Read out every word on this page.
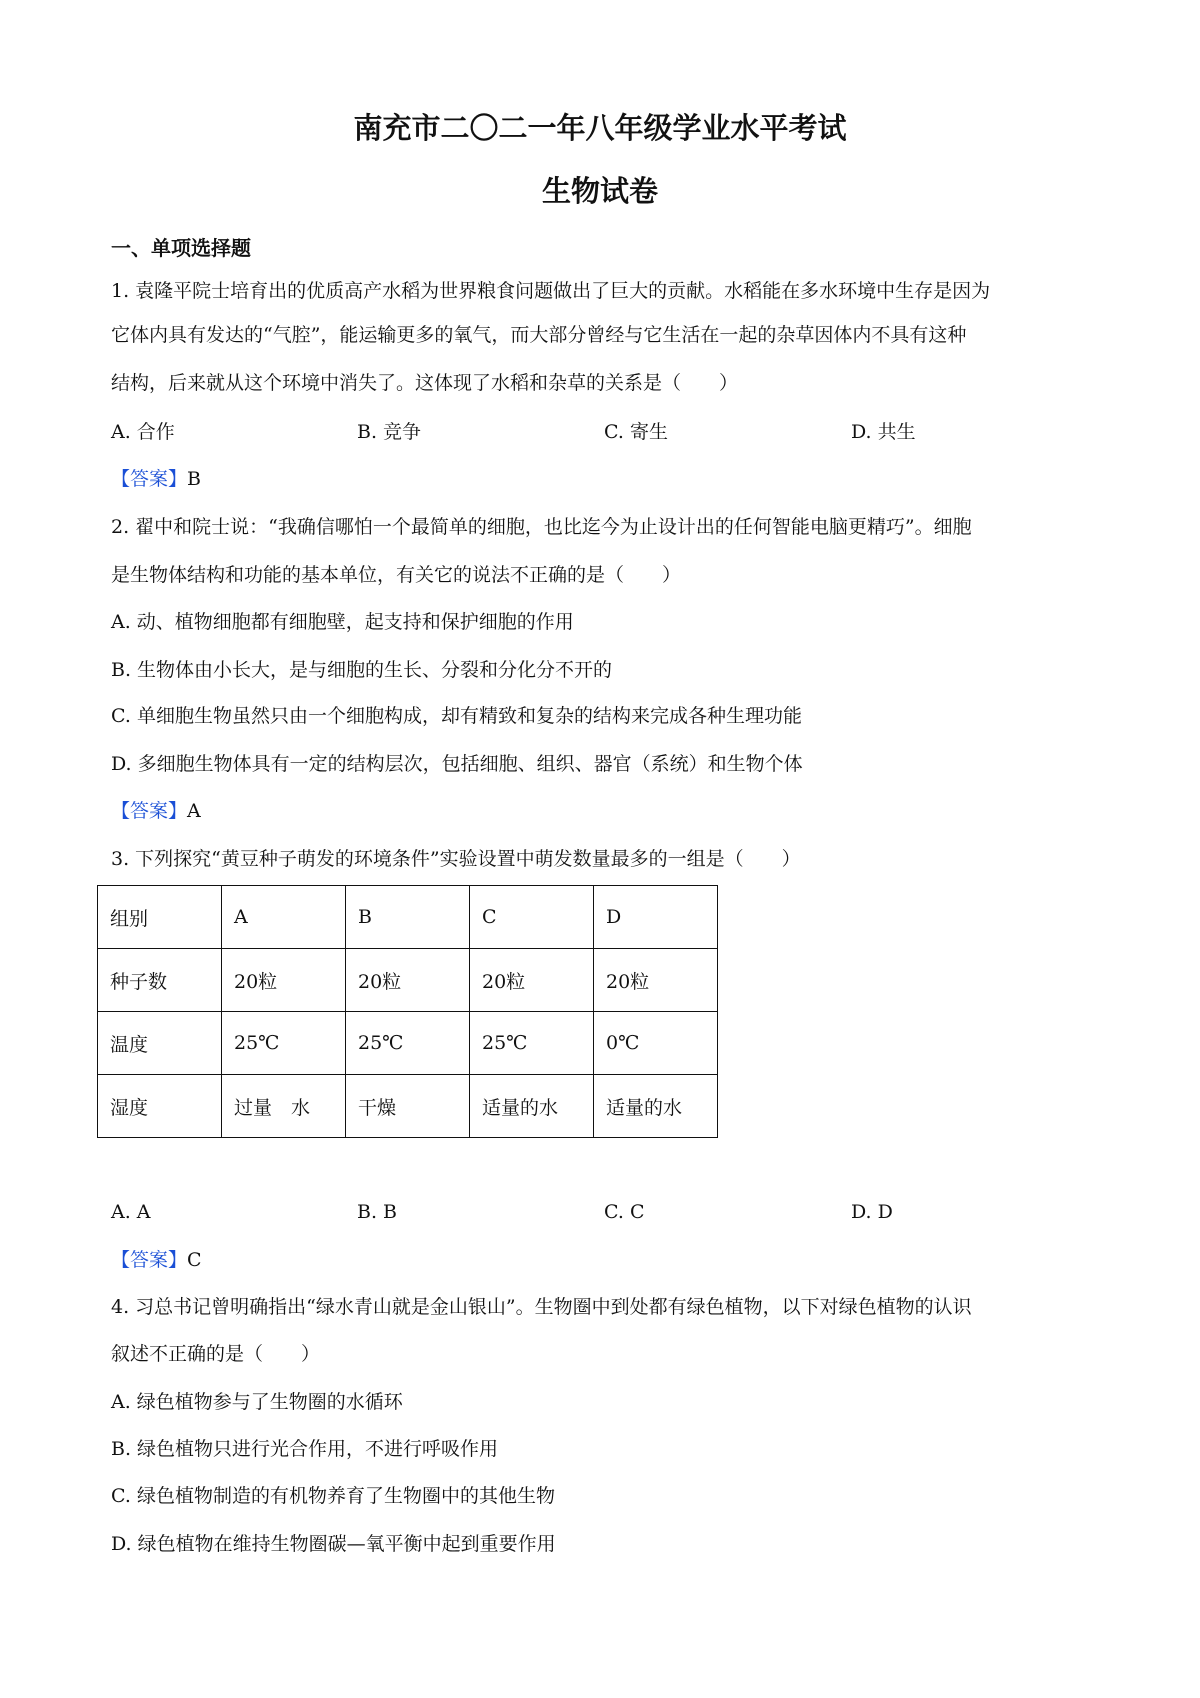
南充市二〇二一年八年级学业水平考试
生物试卷
一、单项选择题
1. 袁隆平院士培育出的优质高产水稻为世界粮食问题做出了巨大的贡献。水稻能在多水环境中生存是因为
它体内具有发达的“气腔”，能运输更多的氧气，而大部分曾经与它生活在一起的杂草因体内不具有这种
结构，后来就从这个环境中消失了。这体现了水稻和杂草的关系是（　　）
A. 合作	B. 竞争	C. 寄生	D. 共生
【答案】B
2. 翟中和院士说：“我确信哪怕一个最简单的细胞，也比迄今为止设计出的任何智能电脑更精巧”。细胞
是生物体结构和功能的基本单位，有关它的说法不正确的是（　　）
A. 动、植物细胞都有细胞壁，起支持和保护细胞的作用
B. 生物体由小长大，是与细胞的生长、分裂和分化分不开的
C. 单细胞生物虽然只由一个细胞构成，却有精致和复杂的结构来完成各种生理功能
D. 多细胞生物体具有一定的结构层次，包括细胞、组织、器官（系统）和生物个体
【答案】A
3. 下列探究“黄豆种子萌发的环境条件”实验设置中萌发数量最多的一组是（　　）
组别	A	B	C	D
种子数	20粒	20粒	20粒	20粒
温度	25℃	25℃	25℃	0℃
湿度	过量　水	干燥	适量的水	适量的水
A. A	B. B	C. C	D. D
【答案】C
4. 习总书记曾明确指出“绿水青山就是金山银山”。生物圈中到处都有绿色植物，以下对绿色植物的认识
叙述不正确的是（　　）
A. 绿色植物参与了生物圈的水循环
B. 绿色植物只进行光合作用，不进行呼吸作用
C. 绿色植物制造的有机物养育了生物圈中的其他生物
D. 绿色植物在维持生物圈碳—氧平衡中起到重要作用
